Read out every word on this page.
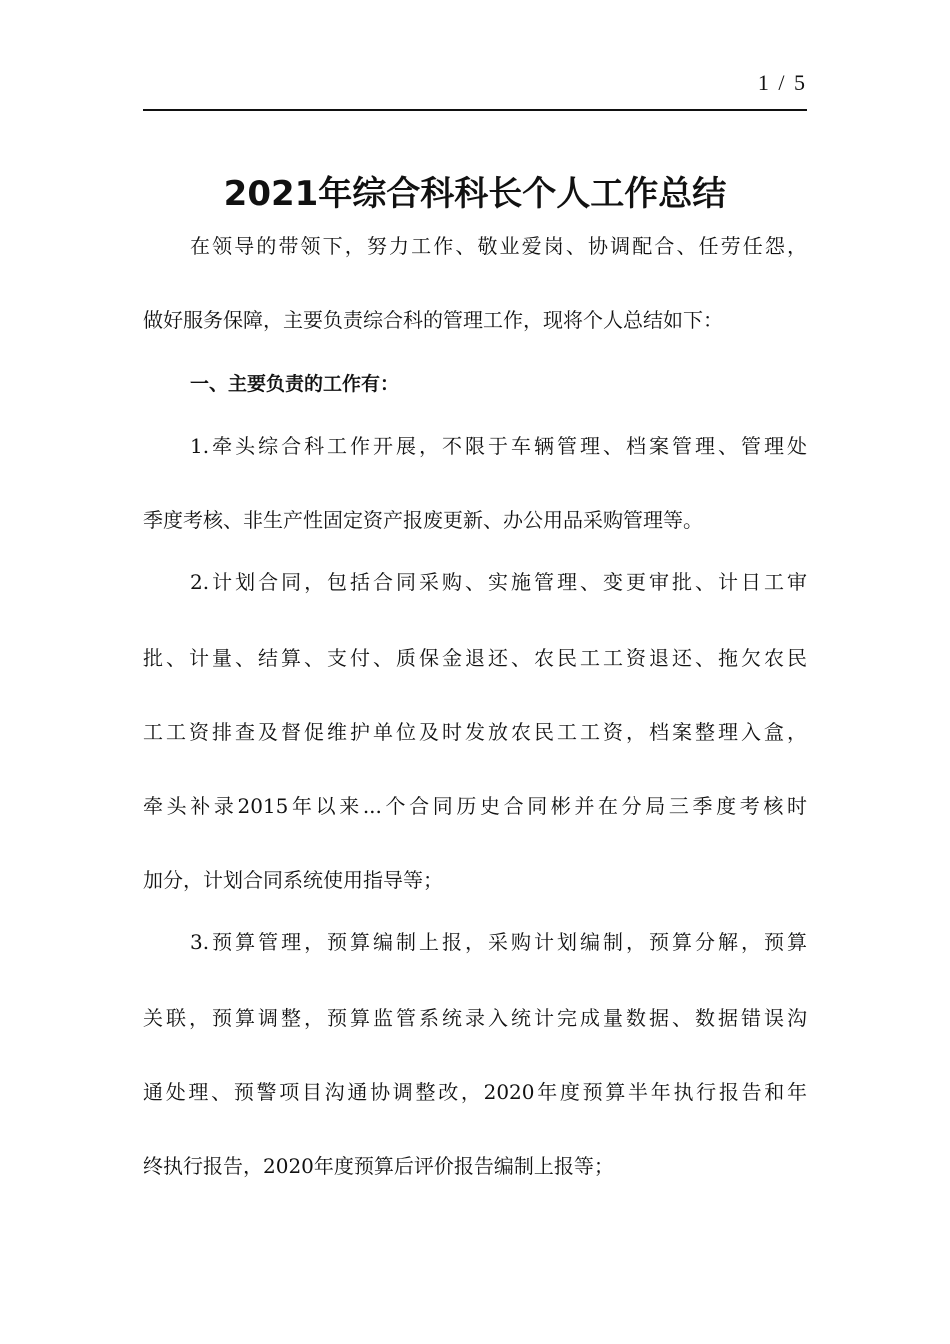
1 / 5
2021年综合科科长个人工作总结
在领导的带领下，努力工作、敬业爱岗、协调配合、任劳任怨，
做好服务保障，主要负责综合科的管理工作，现将个人总结如下：
一、主要负责的工作有：
1.牵头综合科工作开展，不限于车辆管理、档案管理、管理处
季度考核、非生产性固定资产报废更新、办公用品采购管理等。
2.计划合同，包括合同采购、实施管理、变更审批、计日工审
批、计量、结算、支付、质保金退还、农民工工资退还、拖欠农民
工工资排查及督促维护单位及时发放农民工工资，档案整理入盒，
牵头补录2015年以来...个合同历史合同彬并在分局三季度考核时
加分，计划合同系统使用指导等；
3.预算管理，预算编制上报，采购计划编制，预算分解，预算
关联，预算调整，预算监管系统录入统计完成量数据、数据错误沟
通处理、预警项目沟通协调整改，2020年度预算半年执行报告和年
终执行报告，2020年度预算后评价报告编制上报等；
